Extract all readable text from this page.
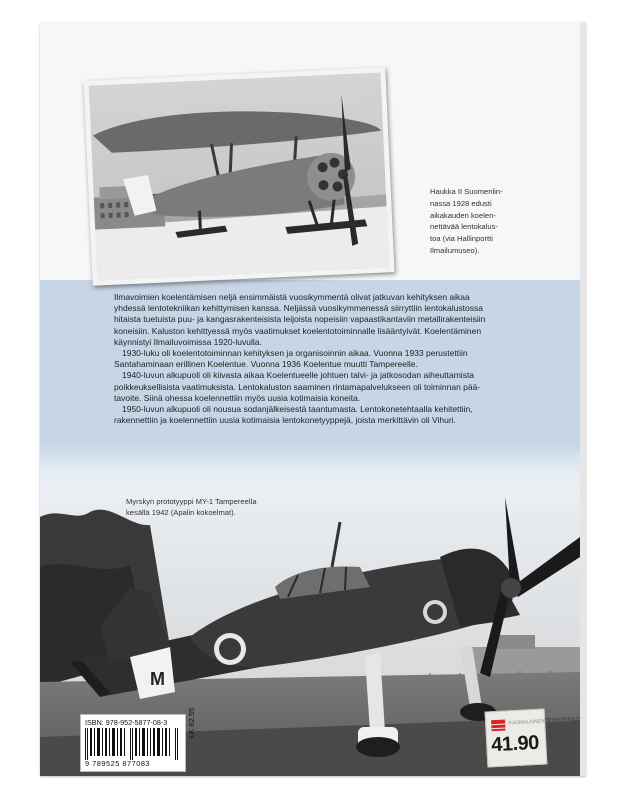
M
Haukka II Suomenlin-
nassa 1928 edusti
aikakauden koelen-
nettävää lentokalus-
toa (via Hallinportti
Ilmailumuseo).
Ilmavoimien koelentämisen neljä ensimmäistä vuosikymmentä olivat jatkuvan kehityksen aikaa
yhdessä lentotekniikan kehittymisen kanssa. Neljässä vuosikymmenessä siirryttiin lentokalustossa
hitaista tuetuista puu- ja kangasrakenteisista leijoista nopeisiin vapaastikantaviin metallirakenteisiin
koneisiin. Kaluston kehittyessä myös vaatimukset koelentotoiminnalle lisääntyivät. Koelentäminen
käynnistyi Ilmailuvoimissa 1920-luvulla.
1930-luku oli koelentotoiminnan kehityksen ja organisoinnin aikaa. Vuonna 1933 perustettiin
Santahaminaan erillinen Koelentue. Vuonna 1936 Koelentue muutti Tampereelle.
1940-luvun alkupuoli oli kiivasta aikaa Koelentueelle johtuen talvi- ja jatkosodan aiheuttamista
poikkeuksellisista vaatimuksista. Lentokaluston saaminen rintamapalvelukseen oli toiminnan pää-
tavoite. Siinä ohessa koelennettiin myös uusia kotimaisia koneita.
1950-luvun alkupuoli oli nousua sodanjälkeisestä taantumasta. Lentokonetehtaalla kehitettiin,
rakennettiin ja koelennettiin uusia kotimaisia lentokonetyyppejä, joista merkittävin oli Vihuri.
Myrskyn prototyyppi MY-1 Tampereella
kesällä 1942 (Apalin kokoelmat).
ISBN: 978-952-5877-08-3
9 789525 877083
LK 62.55	SUOMALAINEN KIRJAKAUPPA
41.90
